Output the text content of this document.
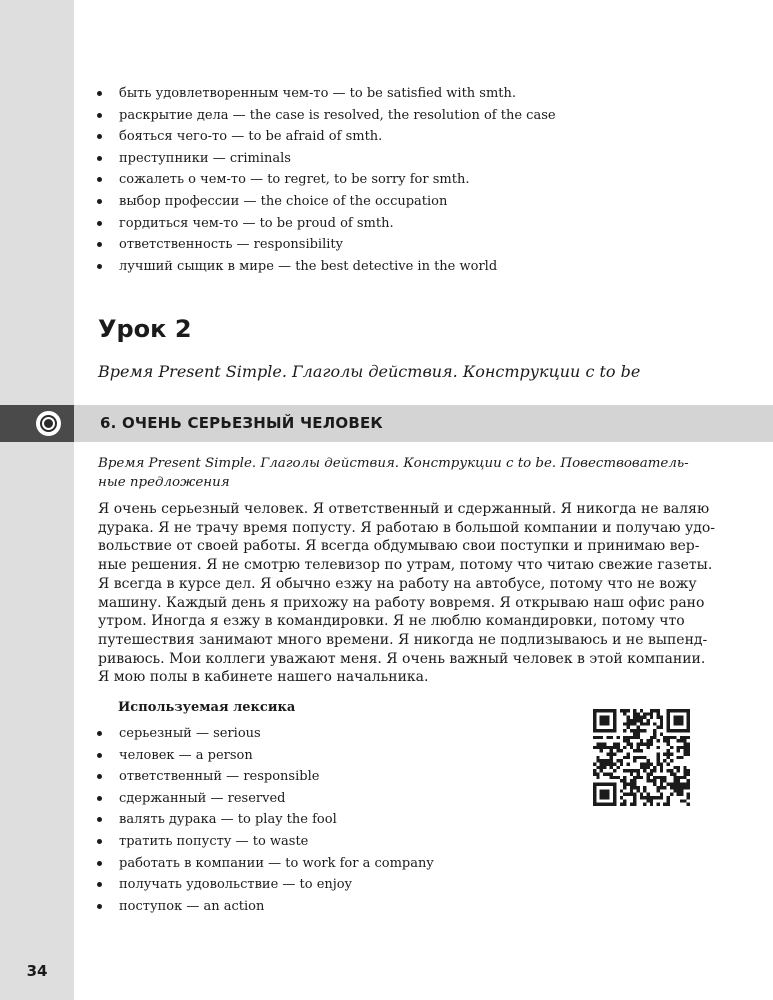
быть удовлетворенным чем-то — to be satisfied with smth.
раскрытие дела — the case is resolved, the resolution of the case
бояться чего-то — to be afraid of smth.
преступники — criminals
сожалеть о чем-то — to regret, to be sorry for smth.
выбор профессии — the choice of the occupation
гордиться чем-то — to be proud of smth.
ответственность — responsibility
лучший сыщик в мире — the best detective in the world
Урок 2

Время Present Simple. Глаголы действия. Конструкции с to be

6. ОЧЕНЬ СЕРЬЕЗНЫЙ ЧЕЛОВЕК

Время Present Simple. Глаголы действия. Конструкции с to be. Повествователь-
ные предложения

Я очень серьезный человек. Я ответственный и сдержанный. Я никогда не валяю
дурака. Я не трачу время попусту. Я работаю в большой компании и получаю удо-
вольствие от своей работы. Я всегда обдумываю свои поступки и принимаю вер-
ные решения. Я не смотрю телевизор по утрам, потому что читаю свежие газеты.
Я всегда в курсе дел. Я обычно езжу на работу на автобусе, потому что не вожу
машину. Каждый день я прихожу на работу вовремя. Я открываю наш офис рано
утром. Иногда я езжу в командировки. Я не люблю командировки, потому что
путешествия занимают много времени. Я никогда не подлизываюсь и не выпенд-
риваюсь. Мои коллеги уважают меня. Я очень важный человек в этой компании.
Я мою полы в кабинете нашего начальника.

Используемая лексика

серьезный — serious
человек — a person
ответственный — responsible
сдержанный — reserved
валять дурака — to play the fool
тратить попусту — to waste
работать в компании — to work for a company
получать удовольствие — to enjoy
поступок — an action
34
